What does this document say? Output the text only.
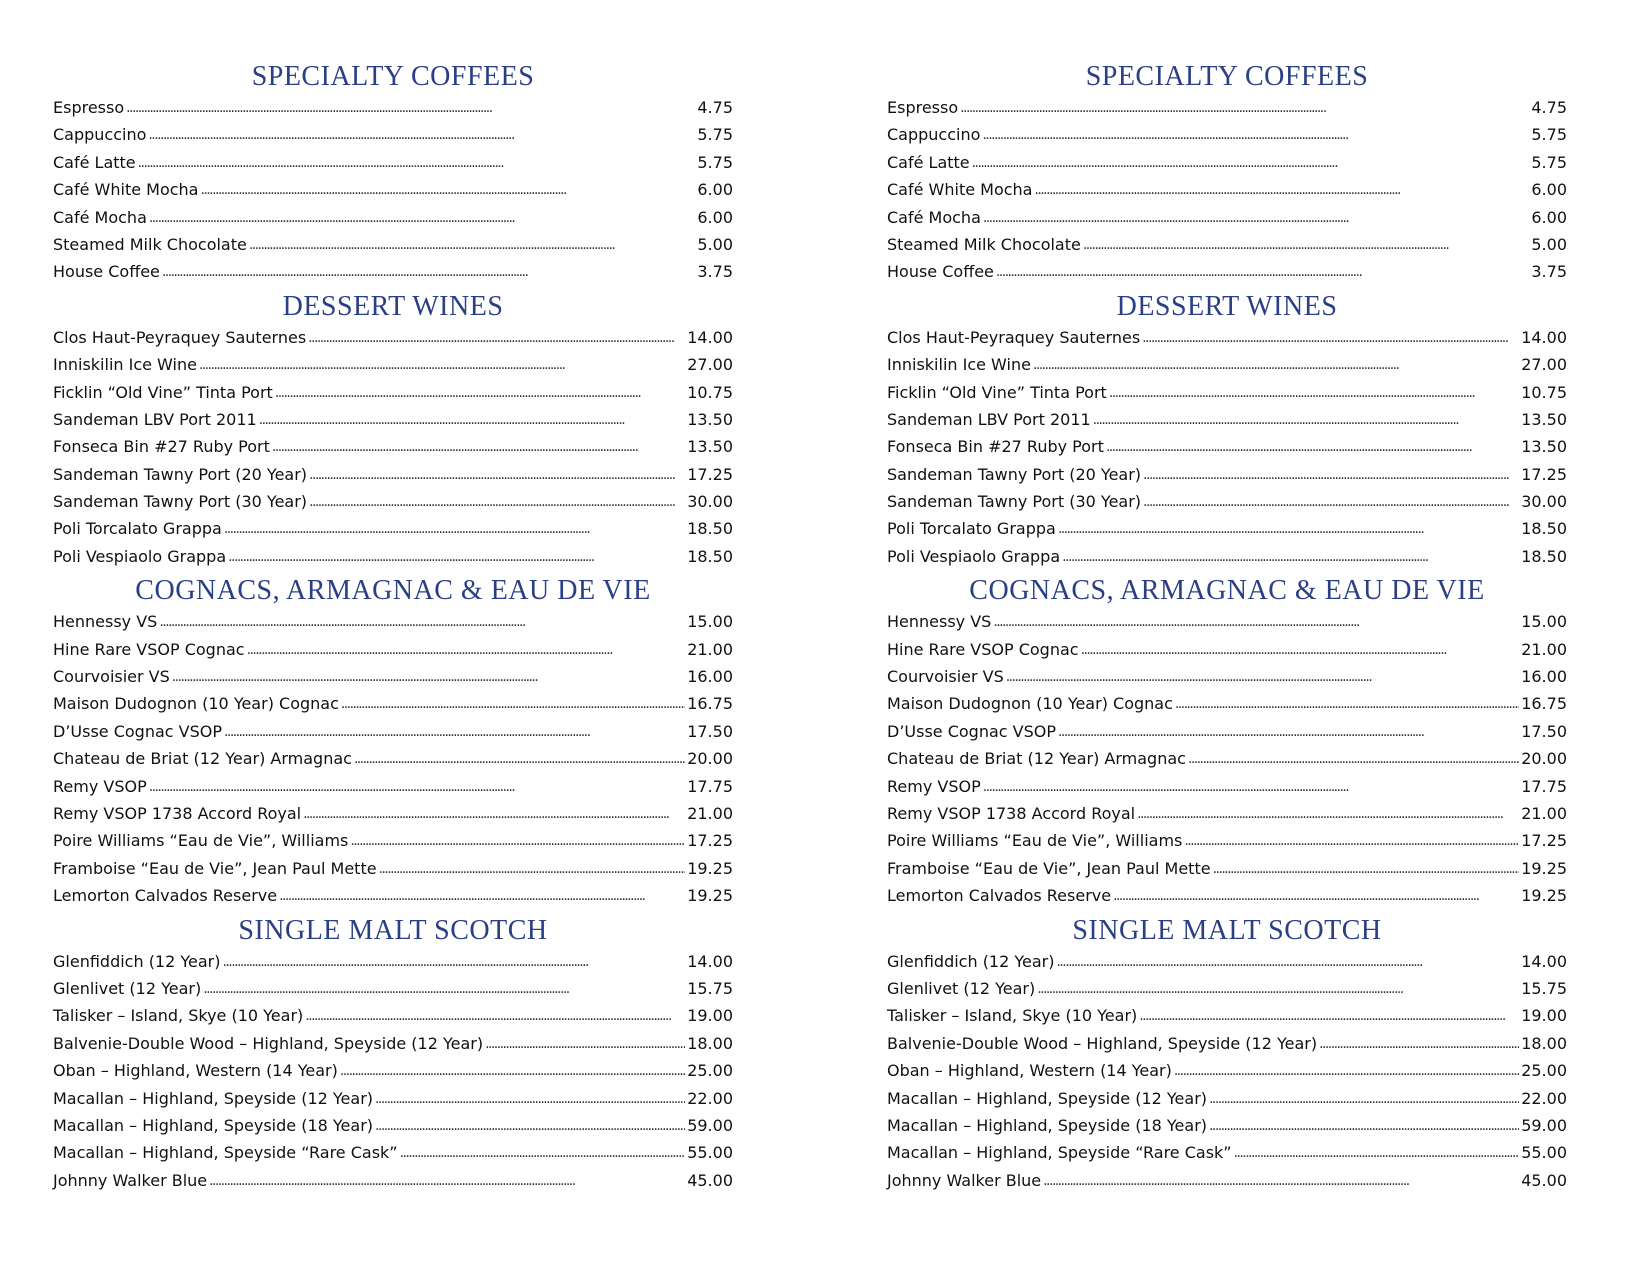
SPECIALTY COFFEES
Espresso . . .	4.75
Cappuccino . . .	5.75
Café Latte . . .	5.75
Café White Mocha . . .	6.00
Café Mocha . . .	6.00
Steamed Milk Chocolate . . .	5.00
House Coffee . . .	3.75
DESSERT WINES
Clos Haut-Peyraquey Sauternes . . .	14.00
Inniskilin Ice Wine . . .	27.00
Ficklin “Old Vine” Tinta Port . . .	10.75
Sandeman LBV Port 2011 . . .	13.50
Fonseca Bin #27 Ruby Port . . .	13.50
Sandeman Tawny Port (20 Year) . . .	17.25
Sandeman Tawny Port (30 Year) . . .	30.00
Poli Torcalato Grappa . . .	18.50
Poli Vespiaolo Grappa . . .	18.50
COGNACS, ARMAGNAC & EAU DE VIE
Hennessy VS . . .	15.00
Hine Rare VSOP Cognac . . .	21.00
Courvoisier VS . . .	16.00
Maison Dudognon (10 Year) Cognac . . .	16.75
D’Usse Cognac VSOP . . .	17.50
Chateau de Briat (12 Year) Armagnac . . .	20.00
Remy VSOP . . .	17.75
Remy VSOP 1738 Accord Royal . . .	21.00
Poire Williams “Eau de Vie”, Williams . . .	17.25
Framboise “Eau de Vie”, Jean Paul Mette . . .	19.25
Lemorton Calvados Reserve . . .	19.25
SINGLE MALT SCOTCH
Glenfiddich (12 Year) . . .	14.00
Glenlivet (12 Year) . . .	15.75
Talisker – Island, Skye (10 Year) . . .	19.00
Balvenie-Double Wood – Highland, Speyside (12 Year) . . .	18.00
Oban – Highland, Western (14 Year) . . .	25.00
Macallan – Highland, Speyside (12 Year) . . .	22.00
Macallan – Highland, Speyside (18 Year) . . .	59.00
Macallan – Highland, Speyside “Rare Cask” . . .	55.00
Johnny Walker Blue . . .	45.00
SPECIALTY COFFEES
Espresso . . .	4.75
Cappuccino . . .	5.75
Café Latte . . .	5.75
Café White Mocha . . .	6.00
Café Mocha . . .	6.00
Steamed Milk Chocolate . . .	5.00
House Coffee . . .	3.75
DESSERT WINES
Clos Haut-Peyraquey Sauternes . . .	14.00
Inniskilin Ice Wine . . .	27.00
Ficklin “Old Vine” Tinta Port . . .	10.75
Sandeman LBV Port 2011 . . .	13.50
Fonseca Bin #27 Ruby Port . . .	13.50
Sandeman Tawny Port (20 Year) . . .	17.25
Sandeman Tawny Port (30 Year) . . .	30.00
Poli Torcalato Grappa . . .	18.50
Poli Vespiaolo Grappa . . .	18.50
COGNACS, ARMAGNAC & EAU DE VIE
Hennessy VS . . .	15.00
Hine Rare VSOP Cognac . . .	21.00
Courvoisier VS . . .	16.00
Maison Dudognon (10 Year) Cognac . . .	16.75
D’Usse Cognac VSOP . . .	17.50
Chateau de Briat (12 Year) Armagnac . . .	20.00
Remy VSOP . . .	17.75
Remy VSOP 1738 Accord Royal . . .	21.00
Poire Williams “Eau de Vie”, Williams . . .	17.25
Framboise “Eau de Vie”, Jean Paul Mette . . .	19.25
Lemorton Calvados Reserve . . .	19.25
SINGLE MALT SCOTCH
Glenfiddich (12 Year) . . .	14.00
Glenlivet (12 Year) . . .	15.75
Talisker – Island, Skye (10 Year) . . .	19.00
Balvenie-Double Wood – Highland, Speyside (12 Year) . . .	18.00
Oban – Highland, Western (14 Year) . . .	25.00
Macallan – Highland, Speyside (12 Year) . . .	22.00
Macallan – Highland, Speyside (18 Year) . . .	59.00
Macallan – Highland, Speyside “Rare Cask” . . .	55.00
Johnny Walker Blue . . .	45.00
